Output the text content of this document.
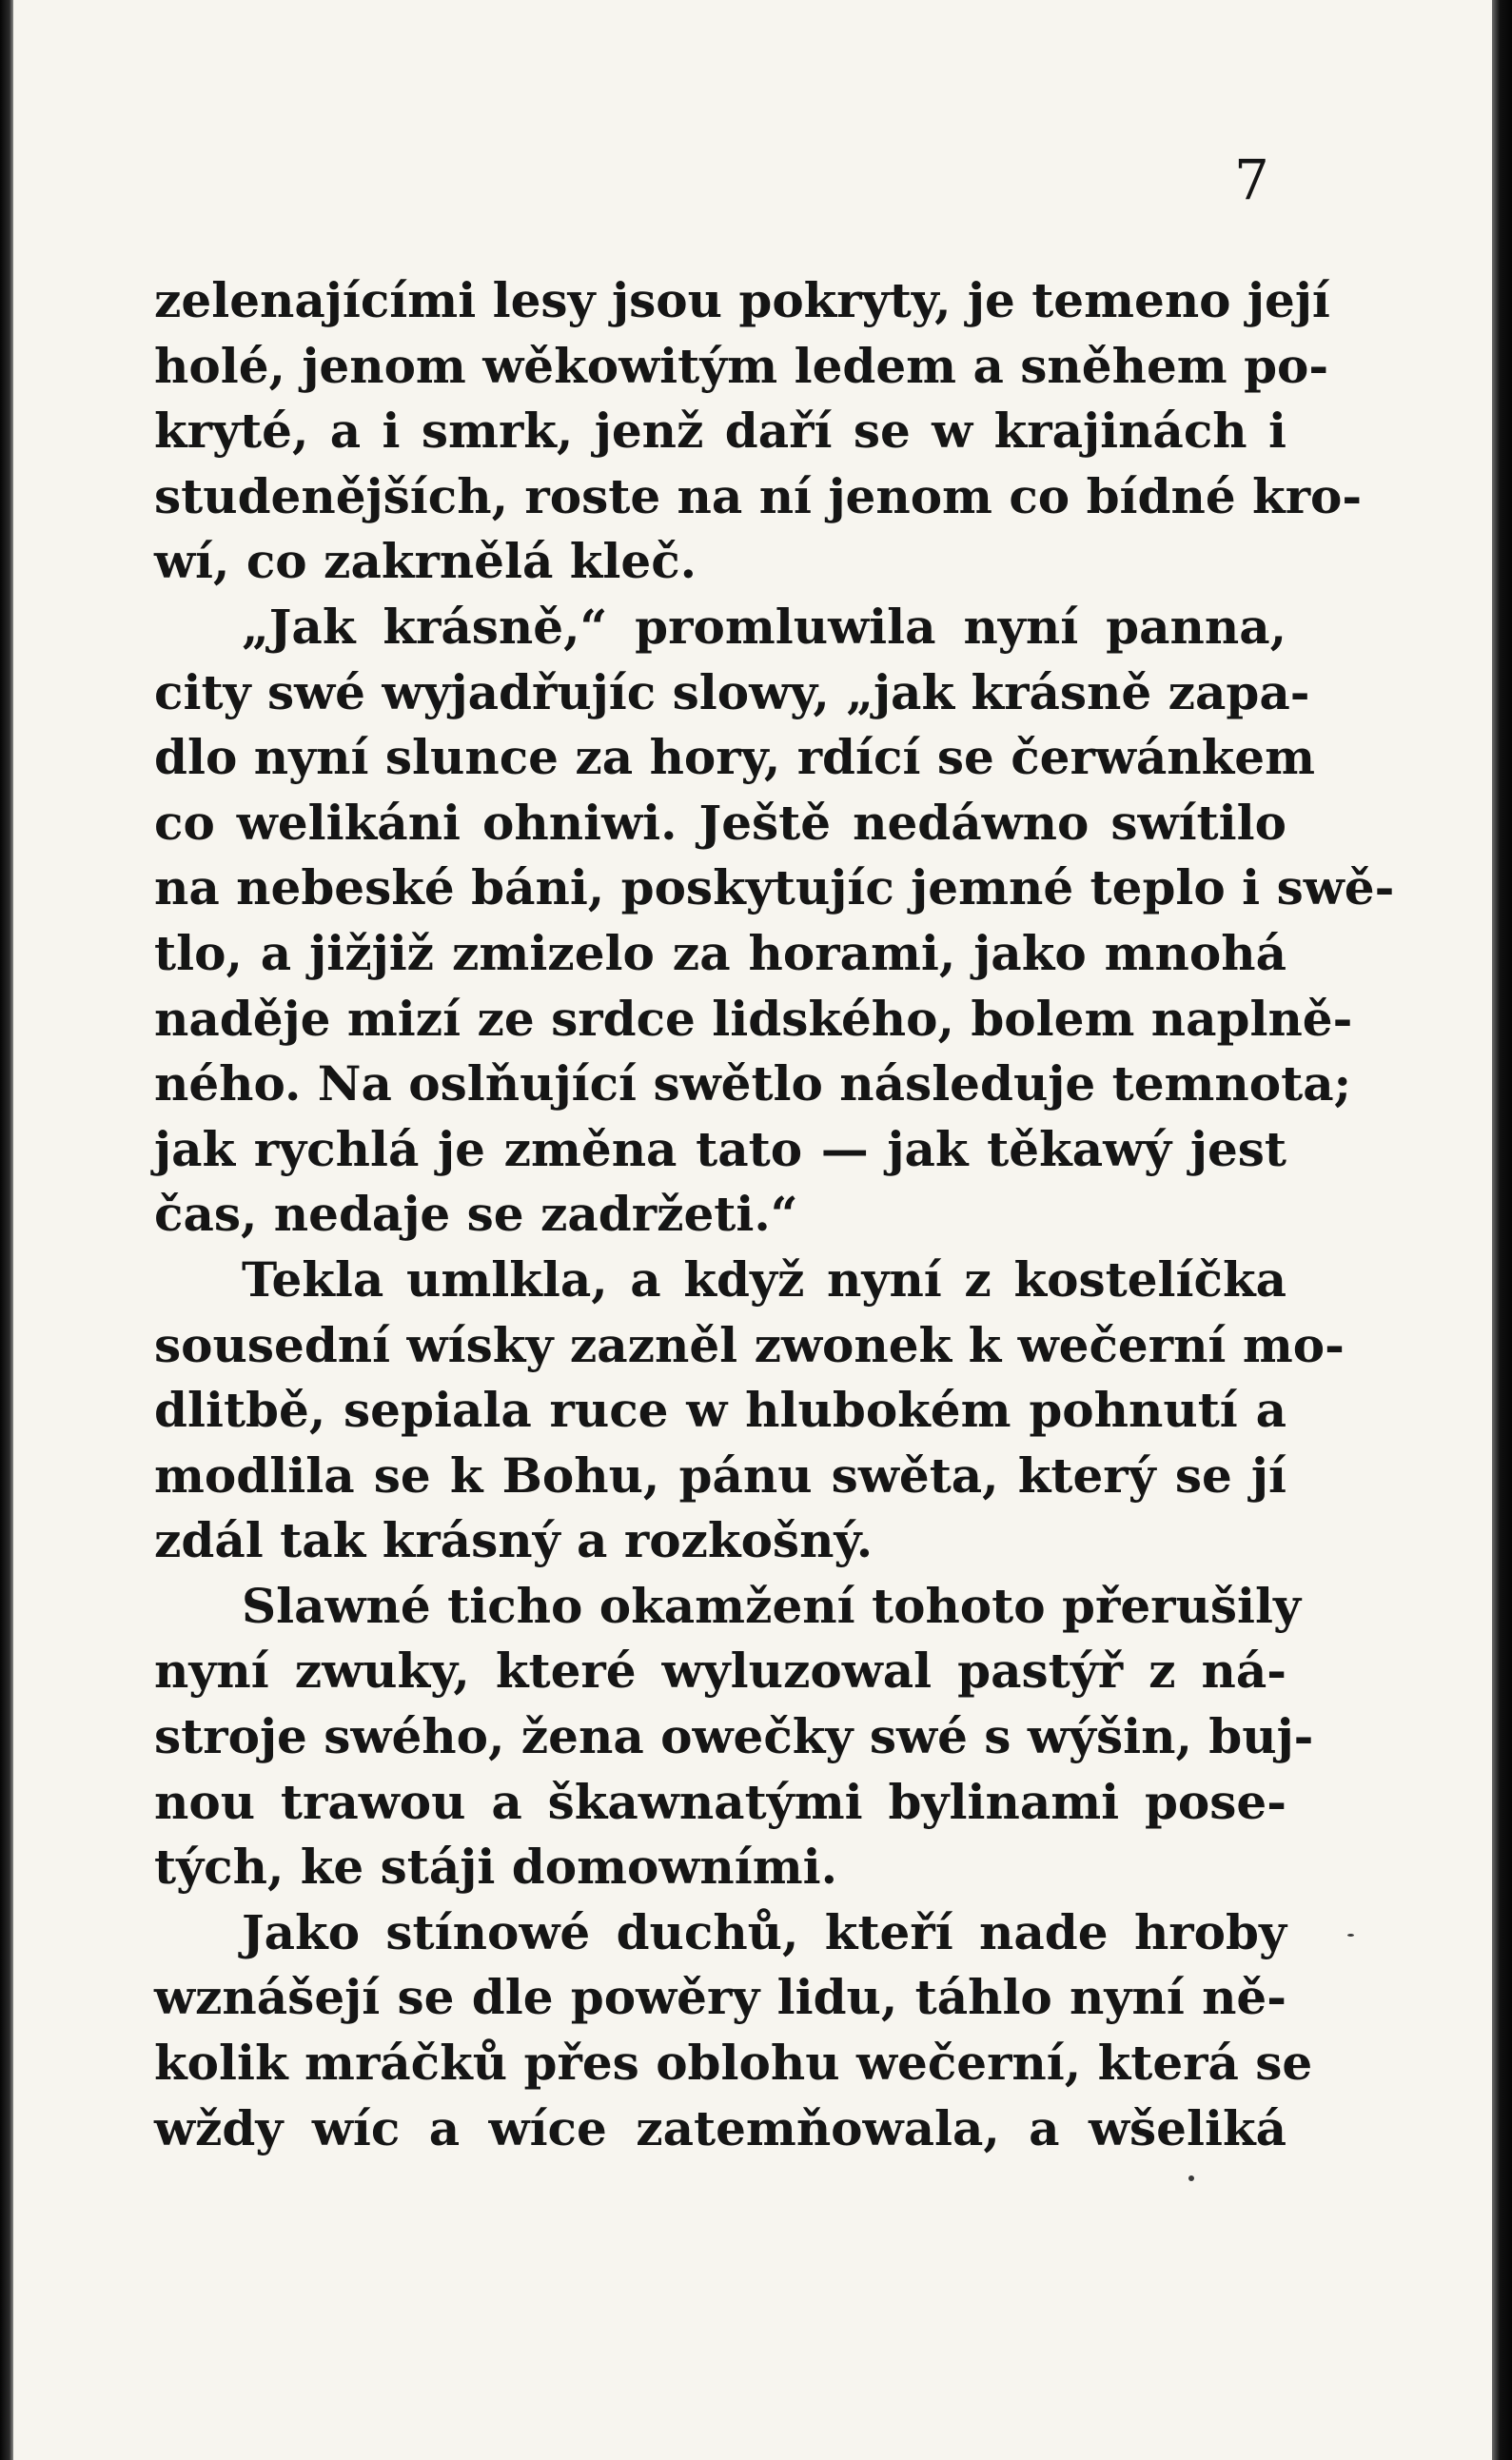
7
zelenajícími lesy jsou pokryty, je temeno její
holé, jenom wěkowitým ledem a sněhem po-
kryté, a i smrk, jenž daří se w krajinách i
studenějších, roste na ní jenom co bídné kro-
wí, co zakrnělá kleč.
„Jak krásně,“ promluwila nyní panna,
city swé wyjadřujíc slowy, „jak krásně zapa-
dlo nyní slunce za hory, rdící se čerwánkem
co welikáni ohniwi. Ještě nedáwno swítilo
na nebeské báni, poskytujíc jemné teplo i swě-
tlo, a jižjiž zmizelo za horami, jako mnohá
naděje mizí ze srdce lidského, bolem naplně-
ného. Na oslňující swětlo následuje temnota;
jak rychlá je změna tato — jak těkawý jest
čas, nedaje se zadržeti.“
Tekla umlkla, a když nyní z kostelíčka
sousední wísky zazněl zwonek k wečerní mo-
dlitbě, sepiala ruce w hlubokém pohnutí a
modlila se k Bohu, pánu swěta, který se jí
zdál tak krásný a rozkošný.
Slawné ticho okamžení tohoto přerušily
nyní zwuky, které wyluzowal pastýř z ná-
stroje swého, žena owečky swé s wýšin, buj-
nou trawou a škawnatými bylinami pose-
tých, ke stáji domowními.
Jako stínowé duchů, kteří nade hroby
wznášejí se dle powěry lidu, táhlo nyní ně-
kolik mráčků přes oblohu wečerní, která se
wždy wíc a wíce zatemňowala, a wšeliká
